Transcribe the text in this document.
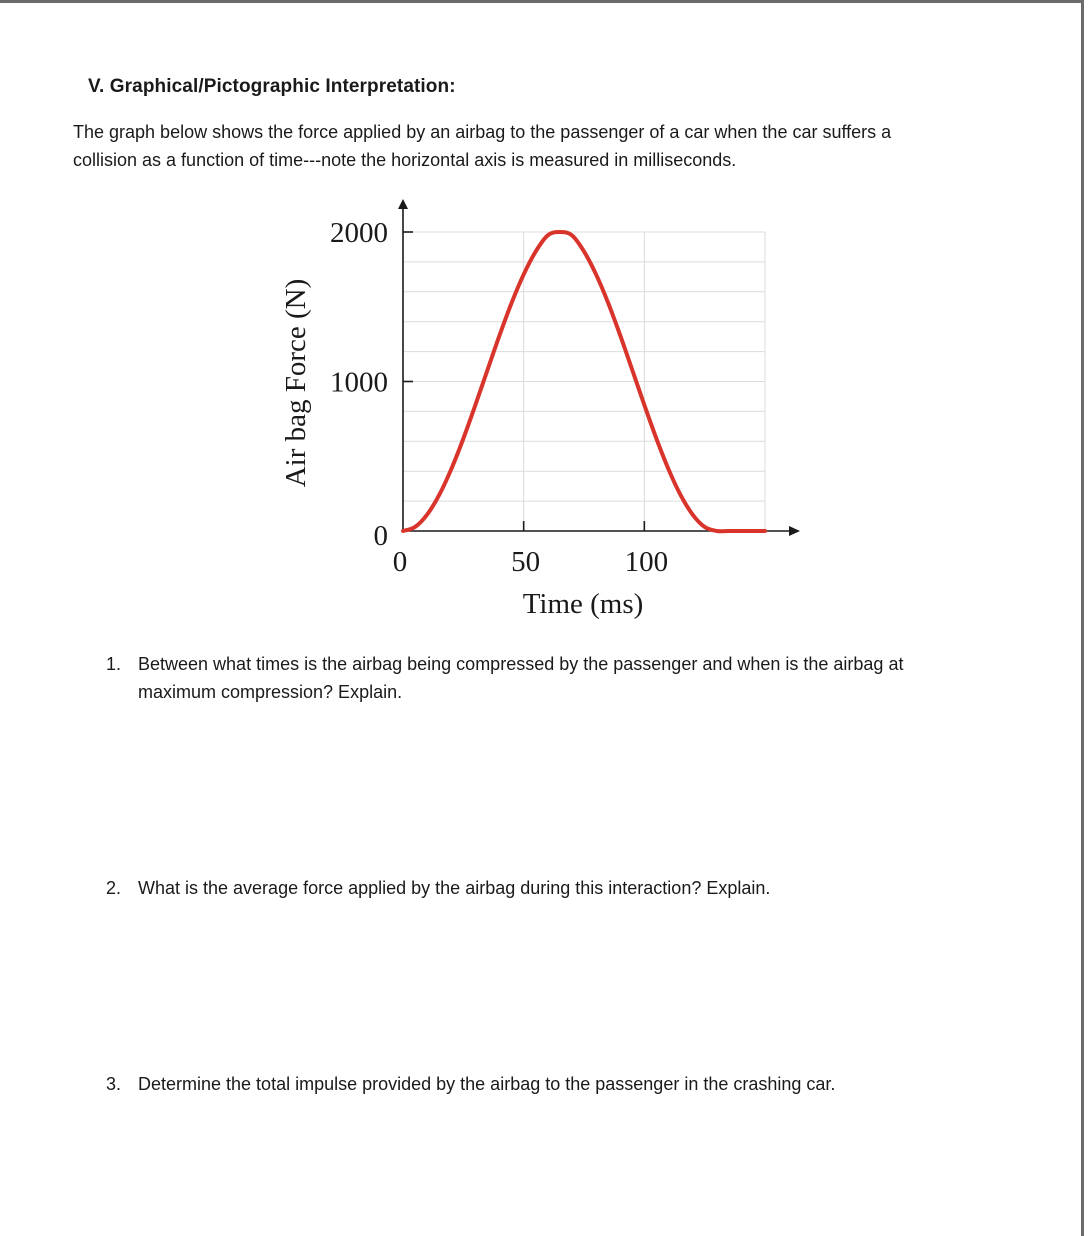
V. Graphical/Pictographic Interpretation:

The graph below shows the force applied by an airbag to the passenger of a car when the car suffers a

collision as a function of time---note the horizontal axis is measured in milliseconds.

0
1000
2000
0	50	100
Time (ms)
Air bag Force (N)
1. Between what times is the airbag being compressed by the passenger and when is the airbag at
maximum compression? Explain.
2. What is the average force applied by the airbag during this interaction? Explain.
3. Determine the total impulse provided by the airbag to the passenger in the crashing car.
